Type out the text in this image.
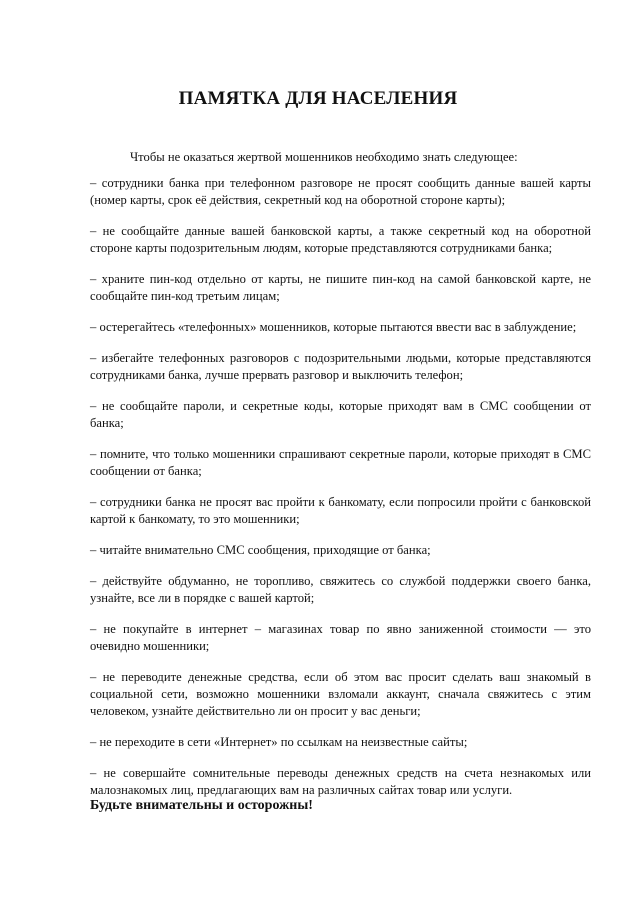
ПАМЯТКА ДЛЯ НАСЕЛЕНИЯ

Чтобы не оказаться жертвой мошенников необходимо знать следующее:

– сотрудники банка при телефонном разговоре не просят сообщить данные вашей карты (номер карты, срок её действия, секретный код на оборотной стороне карты);

– не сообщайте данные вашей банковской карты, а также секретный код на оборотной стороне карты подозрительным людям, которые представляются сотрудниками банка;

– храните пин-код отдельно от карты, не пишите пин-код на самой банковской карте, не сообщайте пин-код третьим лицам;

– остерегайтесь «телефонных» мошенников, которые пытаются ввести вас в заблуждение;

– избегайте телефонных разговоров с подозрительными людьми, которые представляются сотрудниками банка, лучше прервать разговор и выключить телефон;

– не сообщайте пароли, и секретные коды, которые приходят вам в СМС сообщении от банка;

– помните, что только мошенники спрашивают секретные пароли, которые приходят в СМС сообщении от банка;

– сотрудники банка не просят вас пройти к банкомату, если попросили пройти с банковской картой к банкомату, то это мошенники;

– читайте внимательно СМС сообщения, приходящие от банка;

– действуйте обдуманно, не торопливо, свяжитесь со службой поддержки своего банка, узнайте, все ли в порядке с вашей картой;

– не покупайте в интернет – магазинах товар по явно заниженной стоимости — это очевидно мошенники;

– не переводите денежные средства, если об этом вас просит сделать ваш знакомый в социальной сети, возможно мошенники взломали аккаунт, сначала свяжитесь с этим человеком, узнайте действительно ли он просит у вас деньги;

– не переходите в сети «Интернет» по ссылкам на неизвестные сайты;

– не совершайте сомнительные переводы денежных средств на счета незнакомых или малознакомых лиц, предлагающих вам на различных сайтах товар или услуги.

Будьте внимательны и осторожны!
